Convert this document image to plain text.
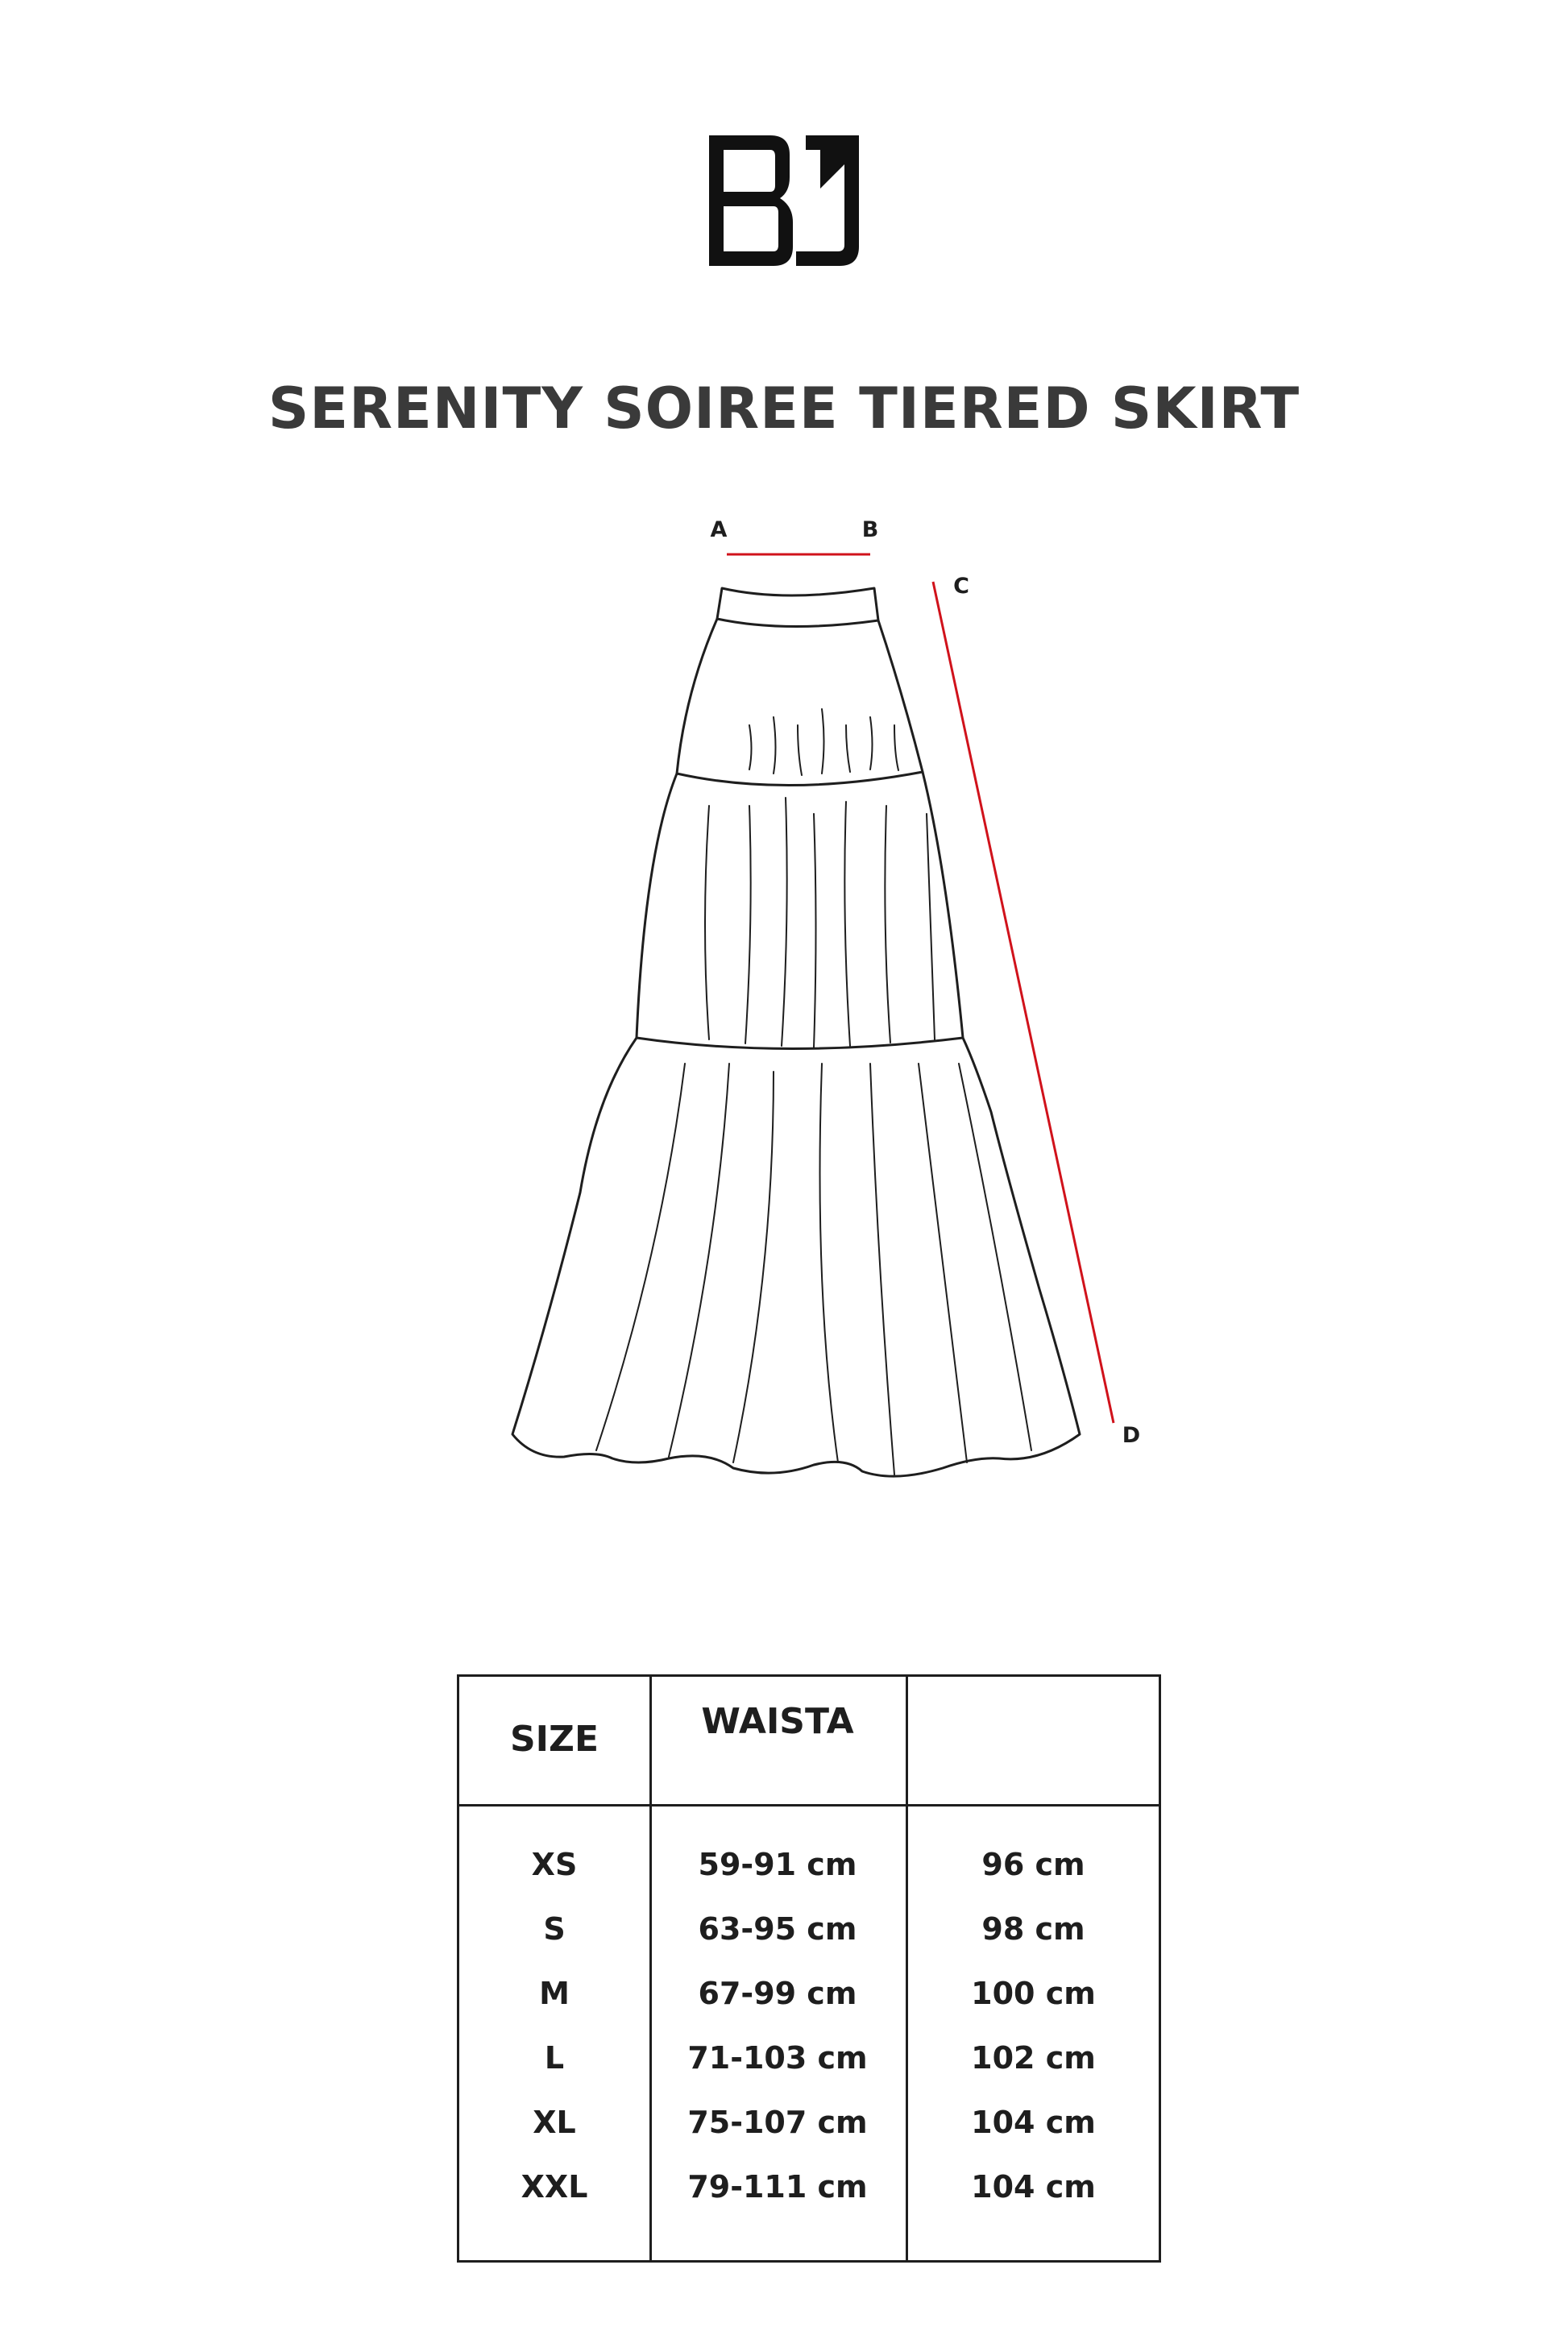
BJ
SERENITY SOIREE TIERED SKIRT
A	B
C
D
SIZE	WAISTA
XS	59-91 cm	96 cm
S	63-95 cm	98 cm
M	67-99 cm	100 cm
L	71-103 cm	102 cm
XL	75-107 cm	104 cm
XXL	79-111 cm	104 cm
